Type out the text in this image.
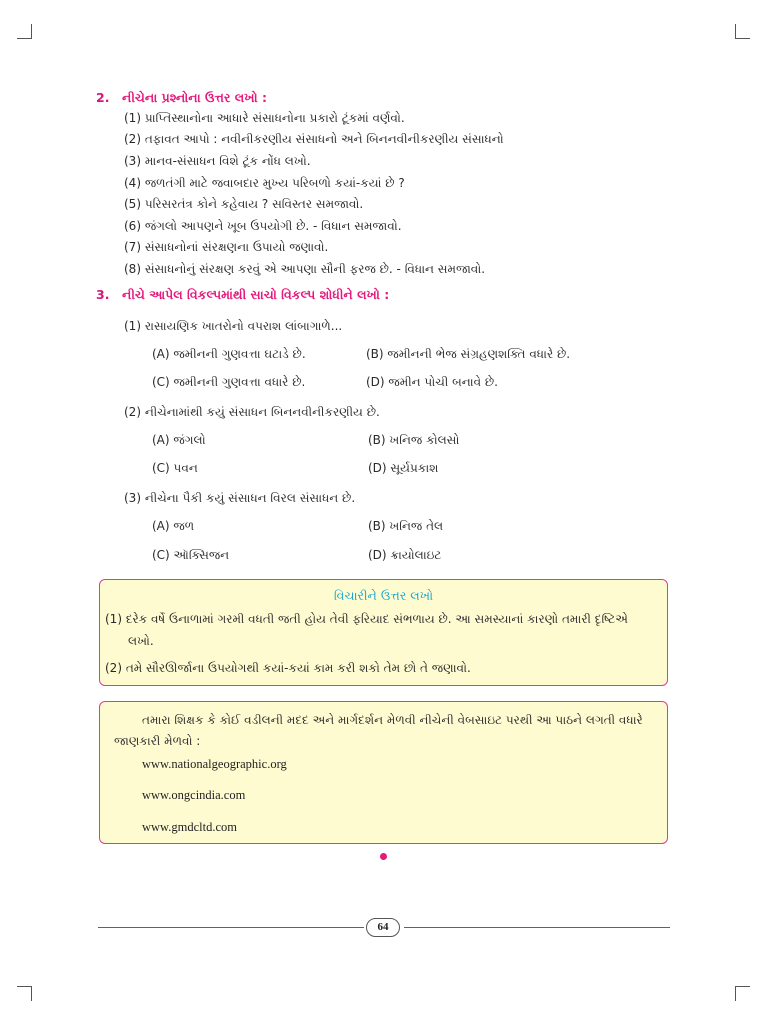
2. નીચેના પ્રશ્નોના ઉત્તર લખો :
(1) પ્રાપ્તિસ્થાનોના આધારે સંસાધનોના પ્રકારો ટૂંકમાં વર્ણવો.
(2) તફાવત આપો : નવીનીકરણીય સંસાધનો અને બિનનવીનીકરણીય સંસાધનો
(3) માનવ-સંસાધન વિશે ટૂંક નોંધ લખો.
(4) જળતંગી માટે જવાબદાર મુખ્ય પરિબળો કયાં-કયાં છે ?
(5) પરિસરતંત્ર કોને કહેવાય ? સવિસ્તર સમજાવો.
(6) જંગલો આપણને ખૂબ ઉપયોગી છે. - વિધાન સમજાવો.
(7) સંસાધનોનાં સંરક્ષણના ઉપાયો જણાવો.
(8) સંસાધનોનું સંરક્ષણ કરવું એ આપણા સૌની ફરજ છે. - વિધાન સમજાવો.
3. નીચે આપેલ વિકલ્પમાંથી સાચો વિકલ્પ શોધીને લખો :
(1) રાસાયણિક ખાતરોનો વપરાશ લાંબાગાળે...
(A) જમીનની ગુણવત્તા ઘટાડે છે.	(B) જમીનની ભેજ સંગ્રહણશક્તિ વધારે છે.
(C) જમીનની ગુણવત્તા વધારે છે.	(D) જમીન પોચી બનાવે છે.
(2) નીચેનામાંથી કયું સંસાધન બિનનવીનીકરણીય છે.
(A) જંગલો	(B) ખનિજ કોલસો
(C) પવન	(D) સૂર્યપ્રકાશ
(3) નીચેના પૈકી કયું સંસાધન વિરલ સંસાધન છે.
(A) જળ	(B) ખનિજ તેલ
(C) ઑક્સિજન	(D) ક્રાયોલાઇટ
વિચારીને ઉત્તર લખો
(1) દરેક વર્ષે ઉનાળામાં ગરમી વધતી જતી હોય તેવી ફરિયાદ સંભળાય છે. આ સમસ્યાનાં કારણો તમારી દૃષ્ટિએ
લખો.
(2) તમે સૌરઊર્જાના ઉપયોગથી કયાં-કયાં કામ કરી શકો તેમ છો તે જણાવો.
તમારા શિક્ષક કે કોઈ વડીલની મદદ અને માર્ગદર્શન મેળવી નીચેની વેબસાઇટ પરથી આ પાઠને લગતી વધારે
જાણકારી મેળવો :
www.nationalgeographic.org
www.ongcindia.com
www.gmdcltd.com
64
